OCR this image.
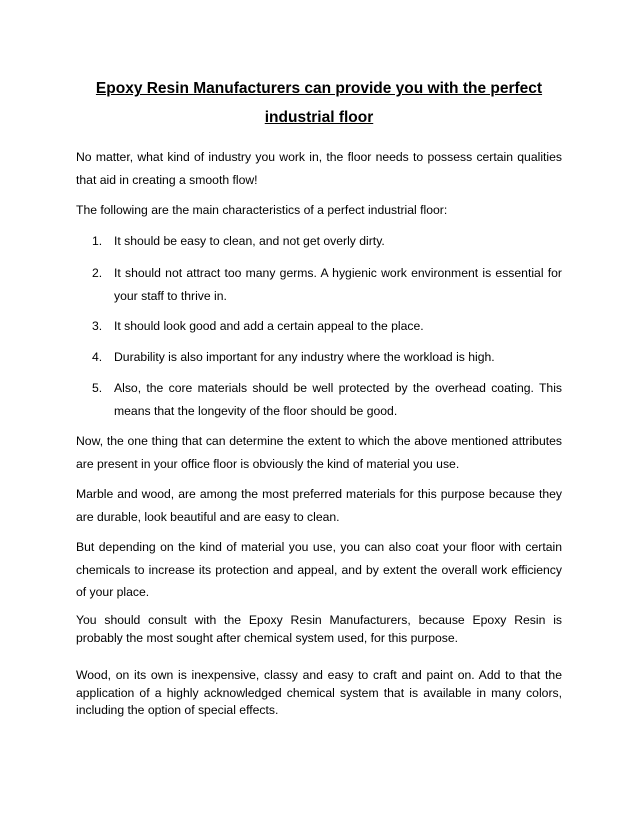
Epoxy Resin Manufacturers can provide you with the perfect
industrial floor

No matter, what kind of industry you work in, the floor needs to possess certain qualities that aid in creating a smooth flow!

The following are the main characteristics of a perfect industrial floor:

1. It should be easy to clean, and not get overly dirty.
2. It should not attract too many germs. A hygienic work environment is essential for your staff to thrive in.
3. It should look good and add a certain appeal to the place.
4. Durability is also important for any industry where the workload is high.
5. Also, the core materials should be well protected by the overhead coating. This means that the longevity of the floor should be good.

Now, the one thing that can determine the extent to which the above mentioned attributes are present in your office floor is obviously the kind of material you use.

Marble and wood, are among the most preferred materials for this purpose because they are durable, look beautiful and are easy to clean.

But depending on the kind of material you use, you can also coat your floor with certain chemicals to increase its protection and appeal, and by extent the overall work efficiency of your place.

You should consult with the Epoxy Resin Manufacturers, because Epoxy Resin is probably the most sought after chemical system used, for this purpose.

Wood, on its own is inexpensive, classy and easy to craft and paint on. Add to that the application of a highly acknowledged chemical system that is available in many colors, including the option of special effects.
